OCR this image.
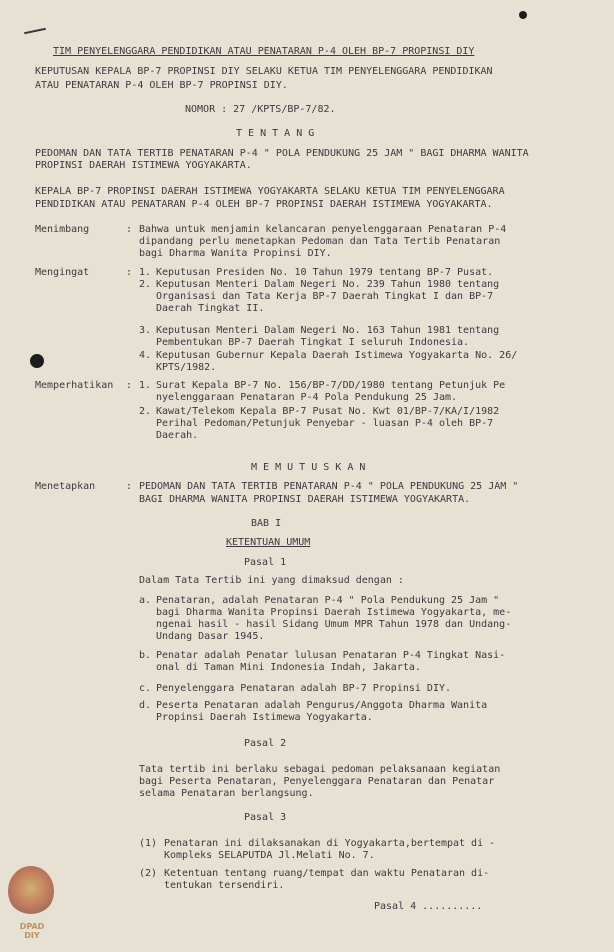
TIM PENYELENGGARA PENDIDIKAN ATAU PENATARAN P-4 OLEH BP-7 PROPINSI DIY
KEPUTUSAN KEPALA BP-7 PROPINSI DIY SELAKU KETUA TIM PENYELENGGARA PENDIDIKAN
ATAU PENATARAN P-4 OLEH BP-7 PROPINSI DIY.
NOMOR : 27 /KPTS/BP-7/82.
T E N T A N G
PEDOMAN DAN TATA TERTIB PENATARAN P-4 " POLA PENDUKUNG 25 JAM " BAGI DHARMA WANITA
PROPINSI DAERAH ISTIMEWA YOGYAKARTA.
KEPALA BP-7 PROPINSI DAERAH ISTIMEWA YOGYAKARTA SELAKU KETUA TIM PENYELENGGARA
PENDIDIKAN ATAU PENATARAN P-4 OLEH BP-7 PROPINSI DAERAH ISTIMEWA YOGYAKARTA.
Menimbang	: Bahwa untuk menjamin kelancaran penyelenggaraan Penataran P-4
dipandang perlu menetapkan Pedoman dan Tata Tertib Penataran
bagi Dharma Wanita Propinsi DIY.
Mengingat	: 1. Keputusan Presiden No. 10 Tahun 1979 tentang BP-7 Pusat.
2. Keputusan Menteri Dalam Negeri No. 239 Tahun 1980 tentang
Organisasi dan Tata Kerja BP-7 Daerah Tingkat I dan BP-7
Daerah Tingkat II.
3. Keputusan Menteri Dalam Negeri No. 163 Tahun 1981 tentang
Pembentukan BP-7 Daerah Tingkat I seluruh Indonesia.
4. Keputusan Gubernur Kepala Daerah Istimewa Yogyakarta No. 26/
KPTS/1982.
Memperhatikan : 1. Surat Kepala BP-7 No. 156/BP-7/DD/1980 tentang Petunjuk Pe
nyelenggaraan Penataran P-4 Pola Pendukung 25 Jam.
2. Kawat/Telekom Kepala BP-7 Pusat No. Kwt 01/BP-7/KA/I/1982
Perihal Pedoman/Petunjuk Penyebar - luasan P-4 oleh BP-7
Daerah.
M E M U T U S K A N
Menetapkan	: PEDOMAN DAN TATA TERTIB PENATARAN P-4 " POLA PENDUKUNG 25 JAM "
BAGI DHARMA WANITA PROPINSI DAERAH ISTIMEWA YOGYAKARTA.
BAB I
KETENTUAN UMUM
Pasal 1
Dalam Tata Tertib ini yang dimaksud dengan :
a. Penataran, adalah Penataran P-4 " Pola Pendukung 25 Jam "
bagi Dharma Wanita Propinsi Daerah Istimewa Yogyakarta, me-
ngenai hasil - hasil Sidang Umum MPR Tahun 1978 dan Undang-
Undang Dasar 1945.
b. Penatar adalah Penatar lulusan Penataran P-4 Tingkat Nasi-
onal di Taman Mini Indonesia Indah, Jakarta.
c. Penyelenggara Penataran adalah BP-7 Propinsi DIY.
d. Peserta Penataran adalah Pengurus/Anggota Dharma Wanita
Propinsi Daerah Istimewa Yogyakarta.
Pasal 2
Tata tertib ini berlaku sebagai pedoman pelaksanaan kegiatan
bagi Peserta Penataran, Penyelenggara Penataran dan Penatar
selama Penataran berlangsung.
Pasal 3
(1) Penataran ini dilaksanakan di Yogyakarta,bertempat di -
Kompleks SELAPUTDA Jl.Melati No. 7.
(2) Ketentuan tentang ruang/tempat dan waktu Penataran di-
tentukan tersendiri.
Pasal 4 ..........
DPAD
DIY
